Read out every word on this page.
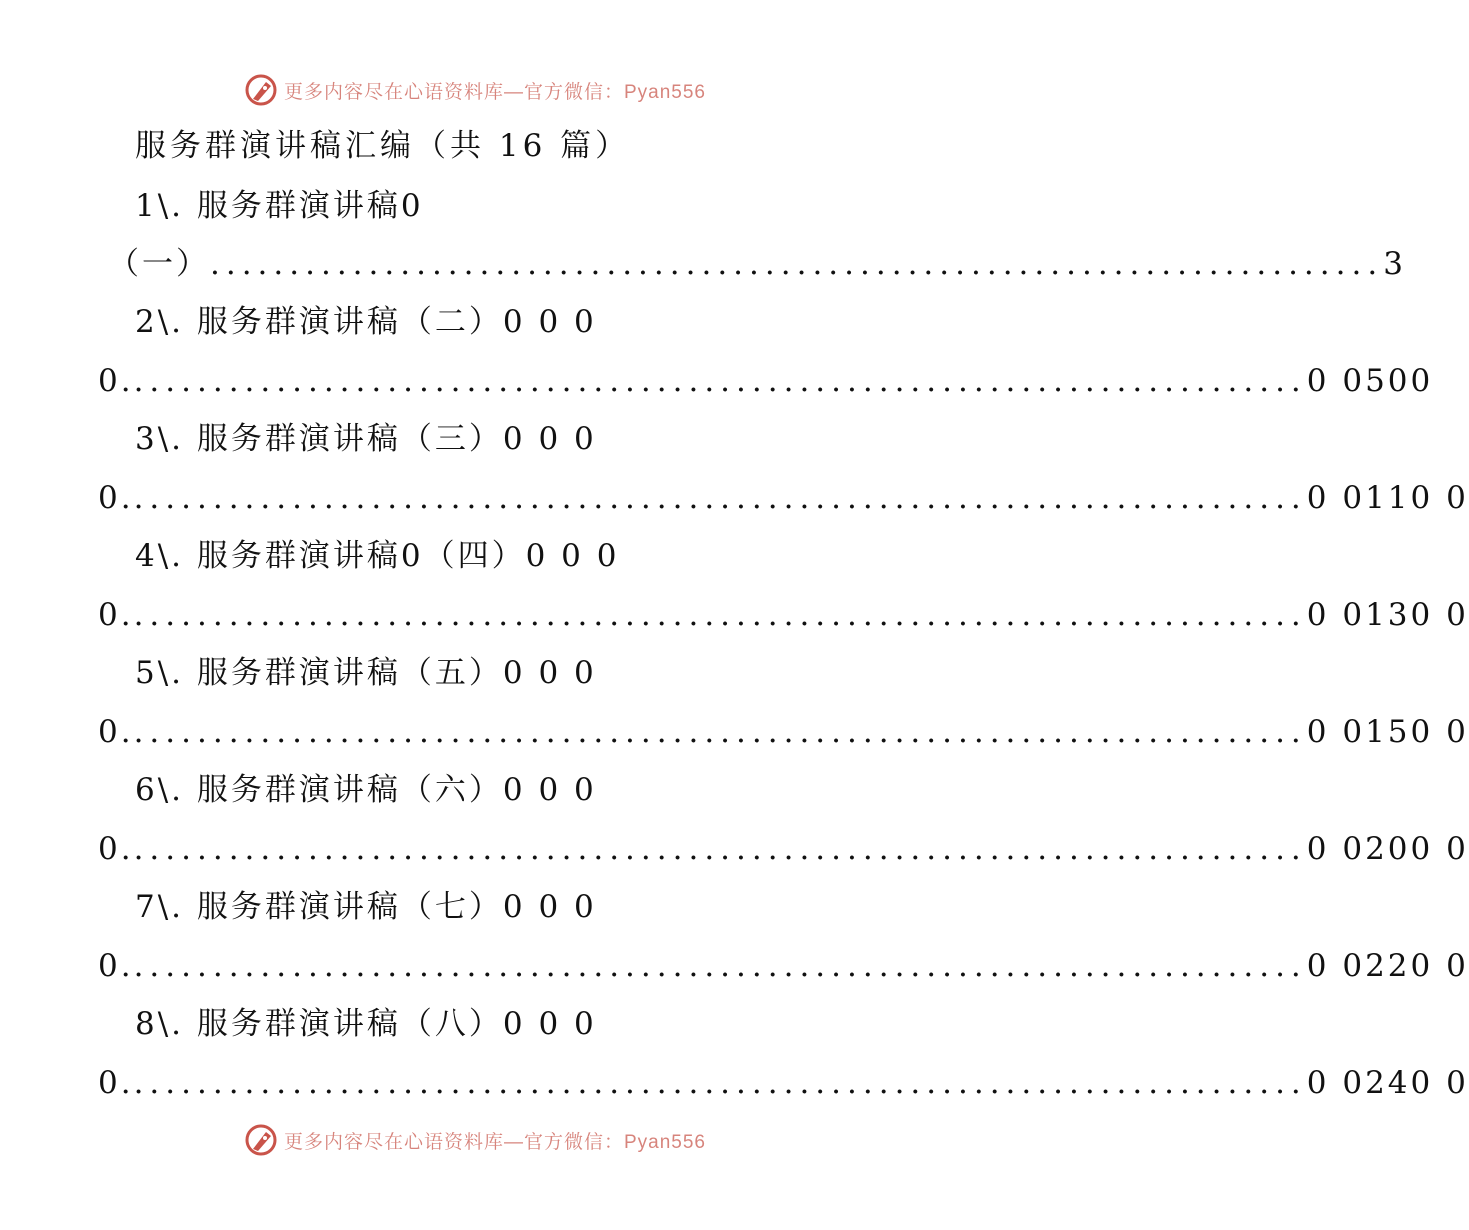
更多内容尽在心语资料库—官方微信：Pyan556
服务群演讲稿汇编（共 16 篇）
1\. 服务群演讲稿0
（一） .......................................................................... 3
2\. 服务群演讲稿（二）0 0 0
0. .......................................................................... 0 0500
3\. 服务群演讲稿（三）0 0 0
0. .......................................................................... 0 0110 0
4\. 服务群演讲稿0（四）0 0 0
0. .......................................................................... 0 0130 0
5\. 服务群演讲稿（五）0 0 0
0. .......................................................................... 0 0150 0
6\. 服务群演讲稿（六）0 0 0
0. .......................................................................... 0 0200 0
7\. 服务群演讲稿（七）0 0 0
0. .......................................................................... 0 0220 0
8\. 服务群演讲稿（八）0 0 0
0. .......................................................................... 0 0240 0
更多内容尽在心语资料库—官方微信：Pyan556
